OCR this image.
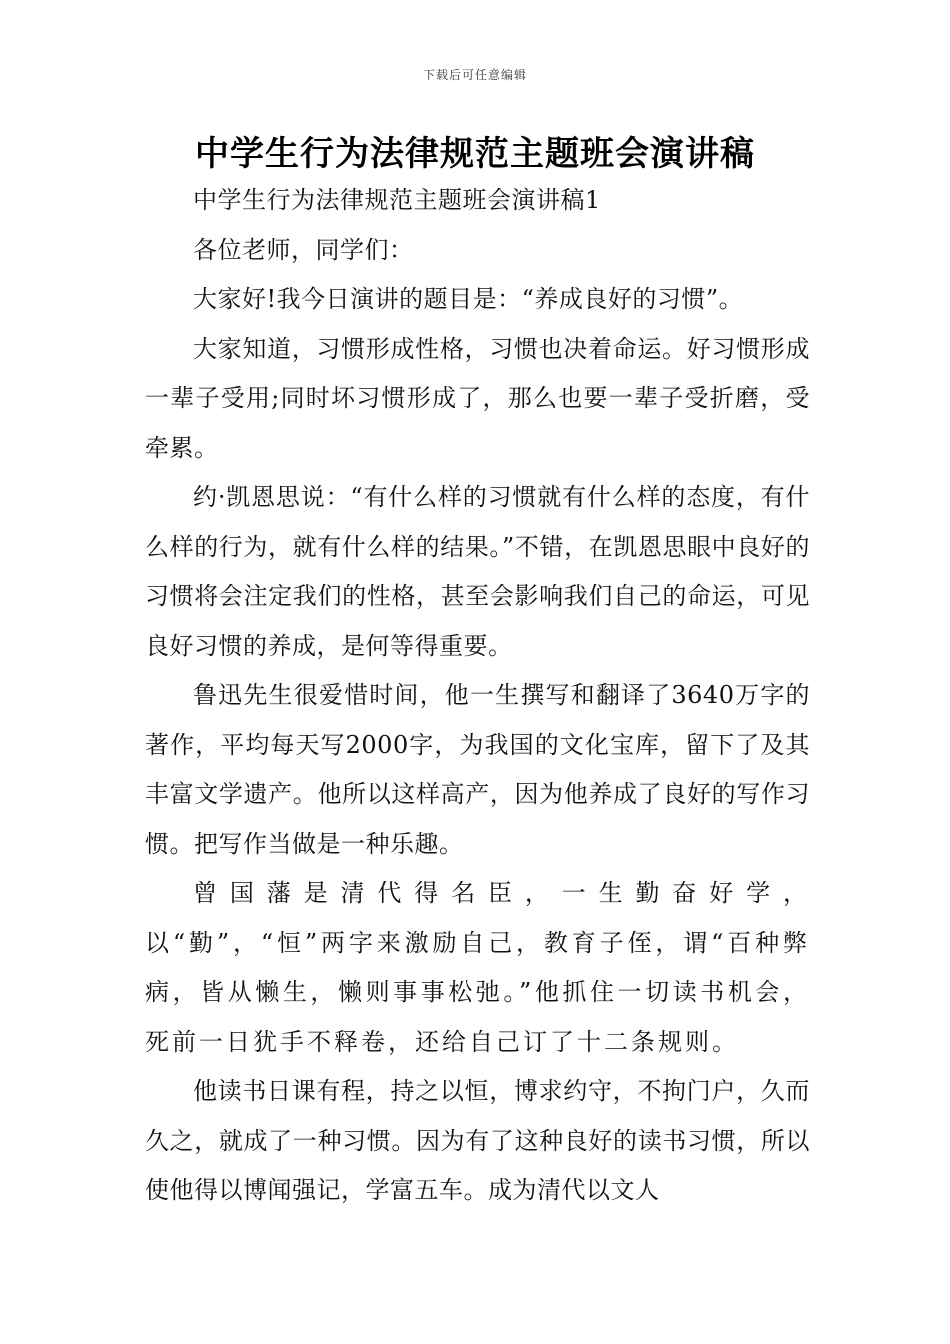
下载后可任意编辑
中学生行为法律规范主题班会演讲稿

中学生行为法律规范主题班会演讲稿1

各位老师，同学们：

大家好!我今日演讲的题目是：“养成良好的习惯”。

大家知道，习惯形成性格，习惯也决着命运。好习惯形成一辈子受用;同时坏习惯形成了，那么也要一辈子受折磨，受牵累。

约·凯恩思说：“有什么样的习惯就有什么样的态度，有什么样的行为，就有什么样的结果。”不错，在凯恩思眼中良好的习惯将会注定我们的性格，甚至会影响我们自己的命运，可见良好习惯的养成，是何等得重要。

鲁迅先生很爱惜时间，他一生撰写和翻译了3640万字的著作，平均每天写2000字，为我国的文化宝库，留下了及其丰富文学遗产。他所以这样高产，因为他养成了良好的写作习惯。把写作当做是一种乐趣。

曾国藩是清代得名臣，一生勤奋好学，以“勤”，“恒”两字来激励自己，教育子侄，谓“百种弊病，皆从懒生，懒则事事松弛。”他抓住一切读书机会，死前一日犹手不释卷，还给自己订了十二条规则。

他读书日课有程，持之以恒，博求约守，不拘门户，久而久之，就成了一种习惯。因为有了这种良好的读书习惯，所以使他得以博闻强记，学富五车。成为清代以文人
